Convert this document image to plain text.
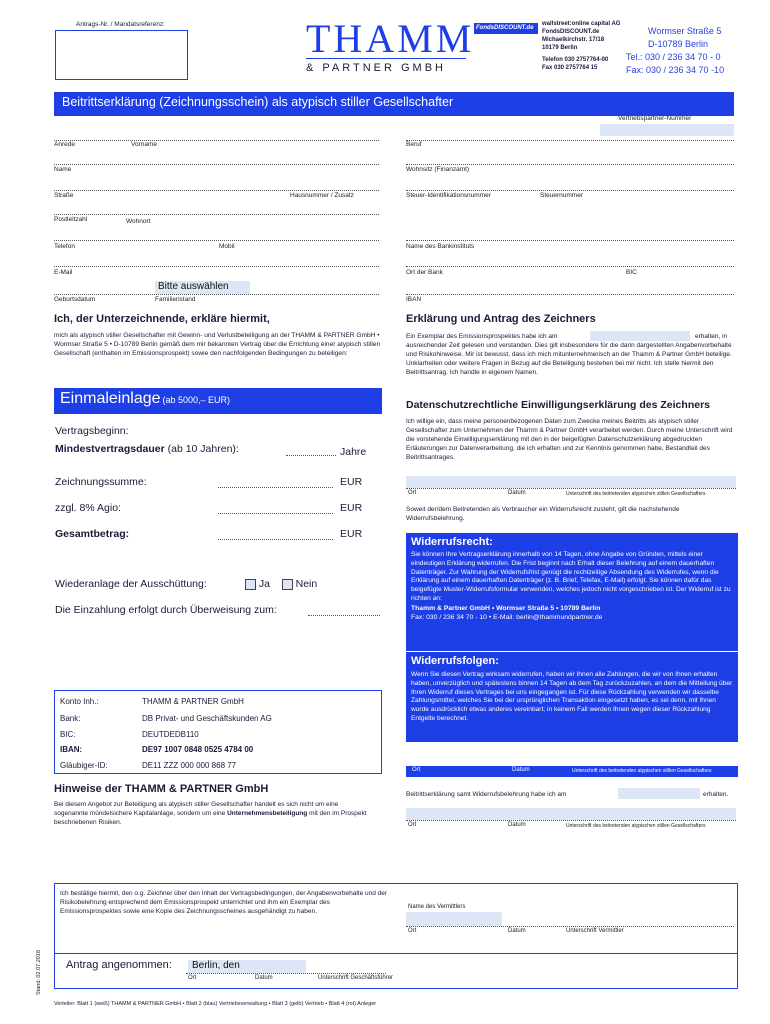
Antrags-Nr. / Mandatsreferenz:	THAMM
& PARTNER GMBH
FondsDISCOUNT.de
wallstreet:online capital AG
FondsDISCOUNT.de
Michaelkirchstr. 17/18
10179 Berlin
Telefon 030 2757764-00
Fax 030 2757764 15
Wormser Straße 5
D-10789 Berlin
Tel.: 030 / 236 34 70 - 0
Fax: 030 / 236 34 70 -10
Beitrittserklärung (Zeichnungsschein) als atypisch stiller Gesellschafter
Vertriebspartner-Nummer
Anrede	Vorname
Name
Straße	Hausnummer / Zusatz
Postleitzahl	Wohnort
Telefon	Mobil
E-Mail
Bitte auswählen
Geburtsdatum	Familienstand
Beruf
Wohnsitz (Finanzamt)
Steuer-Identifikationsnummer	Steuernummer
Name des Bankinstituts
Ort der Bank	BIC
IBAN
Ich, der Unterzeichnende, erkläre hiermit,
mich als atypisch stiller Gesellschafter mit Gewinn- und Verlustbeteiligung an der THAMM & PARTNER GmbH • Wormser Straße 5 • D-10789 Berlin gemäß dem mir bekannten Vertrag über die Errichtung einer atypisch stillen Gesellschaft (enthalten im Emissionsprospekt) sowie den nachfolgenden Bedingungen zu beteiligen:
Einmaleinlage (ab 5000,– EUR)
Vertragsbeginn:
Mindestvertragsdauer (ab 10 Jahren):	Jahre
Zeichnungssumme:	EUR
zzgl. 8% Agio:	EUR
Gesamtbetrag:	EUR
Wiederanlage der Ausschüttung:	Ja Nein
Die Einzahlung erfolgt durch Überweisung zum:
Konto Inh.:	THAMM & PARTNER GmbH
Bank:	DB Privat- und Geschäftskunden AG
BIC:	DEUTDEDB110
IBAN:	DE97 1007 0848 0525 4784 00
Gläubiger-ID:	DE11 ZZZ 000 000 868 77
Hinweise der THAMM & PARTNER GmbH
Bei diesem Angebot zur Beteiligung als atypisch stiller Gesellschafter handelt es sich nicht um eine sogenannte mündelsichere Kapitalanlage, sondern um eine Unternehmensbeteiligung mit den im Prospekt beschriebenen Risiken.
Erklärung und Antrag des Zeichners
Ein Exemplar des Emissionsprospektes habe ich am	erhalten, in
ausreichender Zeit gelesen und verstanden. Dies gilt insbesondere für die darin dargestellten Angabenvorbehalte und Risikohinweise. Mir ist bewusst, dass ich mich mitunternehmerisch an der Thamm & Partner GmbH beteilige. Unklarheiten oder weitere Fragen in Bezug auf die Beteiligung bestehen bei mir nicht. Ich stelle hiermit den Beitrittsantrag. Ich handle in eigenem Namen.
Datenschutzrechtliche Einwilligungserklärung des Zeichners
Ich willige ein, dass meine personenbezogenen Daten zum Zwecke meines Beitritts als atypisch stiller Gesellschafter zum Unternehmen der Thamm & Partner GmbH verarbeitet werden. Durch meine Unterschrift wird die vorstehende Einwilligungserklärung mit den in der beigefügten Datenschutzerklärung abgedruckten Erläuterungen zur Datenverarbeitung, die ich erhalten und zur Kenntnis genommen habe, Bestandteil des Beitrittsantrages.
Ort	Datum	Unterschrift des beitretenden atypischen stillen Gesellschafters
Soweit der/dem Beitretenden als Verbraucher ein Widerrufsrecht zusteht, gilt die nachstehende Widerrufsbelehrung.
Widerrufsrecht:
Sie können Ihre Vertragserklärung innerhalb von 14 Tagen, ohne Angabe von Gründen, mittels einer eindeutigen Erklärung widerrufen. Die Frist beginnt nach Erhalt dieser Belehrung auf einem dauerhaften Datenträger. Zur Wahrung der Widerrufsfrist genügt die rechtzeitige Absendung des Widerrufes, wenn die Erklärung auf einem dauerhaften Datenträger (z. B. Brief, Telefax, E-Mail) erfolgt. Sie können dafür das beigefügte Muster-Widerrufsformular verwenden, welches jedoch nicht vorgeschrieben ist. Der Widerruf ist zu richten an:
Thamm & Partner GmbH • Wormser Straße 5 • 10789 Berlin
Fax: 030 / 236 34 70 - 10 • E-Mail: berlin@thammundpartner.de
Widerrufsfolgen:
Wenn Sie diesen Vertrag wirksam widerrufen, haben wir Ihnen alle Zahlungen, die wir von Ihnen erhalten haben, unverzüglich und spätestens binnen 14 Tagen ab dem Tag zurückzuzahlen, an dem die Mitteilung über Ihren Widerruf dieses Vertrages bei uns eingegangen ist. Für diese Rückzahlung verwenden wir dasselbe Zahlungsmittel, welches Sie bei der ursprünglichen Transaktion eingesetzt haben, es sei denn, mit Ihnen wurde ausdrücklich etwas anderes vereinbart; in keinem Fall werden Ihnen wegen dieser Rückzahlung Entgelte berechnet.
Ort	Datum	Unterschrift des beitretenden atypischen stillen Gesellschafters
Beitrittserklärung samt Widerrufsbelehrung habe ich am	erhalten.
Ort	Datum	Unterschrift des beitretenden atypischen stillen Gesellschafters
Ich bestätige hiermit, den o.g. Zeichner über den Inhalt der Vertragsbedingungen, der Angabenvorbehalte und der Risikobelehrung entsprechend dem Emissionsprospekt unterrichtet und ihm ein Exemplar des Emissionsprospektes sowie eine Kopie des Zeichnungsscheines ausgehändigt zu haben.
Name des Vermittlers
Ort	Datum	Unterschrift Vermittler
Stand: 02.07.2018 Antrag angenommen:	Berlin, den
Ort	Datum	Unterschrift Geschäftsführer
Verteiler: Blatt 1 (weiß) THAMM & PARTNER GmbH • Blatt 2 (blau) Vertriebsverwaltung • Blatt 3 (gelb) Vertrieb • Blatt 4 (rot) Anleger
